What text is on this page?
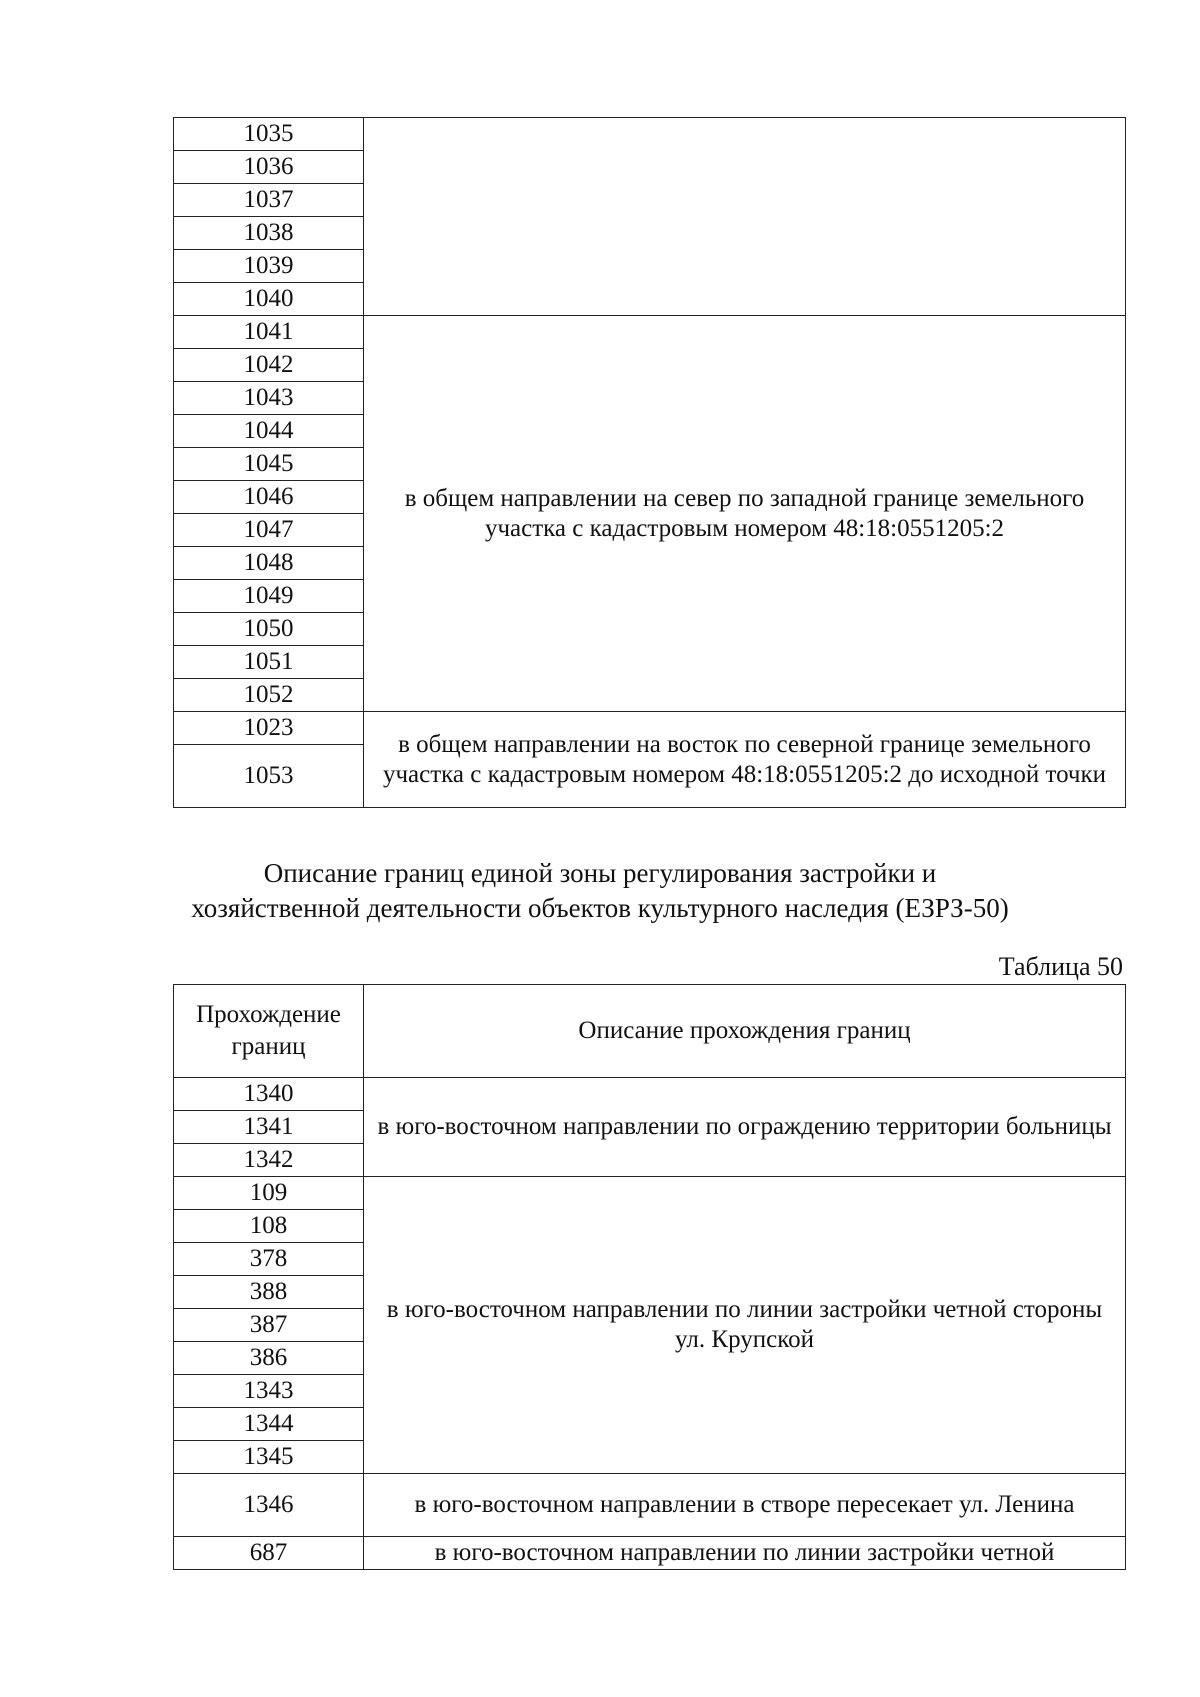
1035	
1036	
1037	
1038	
1039	
1040	
1041	в общем направлении на север по западной границе земельного участка с кадастровым номером 48:18:0551205:2
1042	
1043	
1044	
1045	
1046	
1047	
1048	
1049	
1050	
1051	
1052	
1023	в общем направлении на восток по северной границе земельного участка с кадастровым номером 48:18:0551205:2 до исходной точки
1053	
Описание границ единой зоны регулирования застройки и
хозяйственной деятельности объектов культурного наследия (ЕЗРЗ-50)
Таблица 50
Прохождение границ	Описание прохождения границ
1340	в юго-восточном направлении по ограждению территории больницы
1341	
1342	
109	в юго-восточном направлении по линии застройки четной стороны ул. Крупской
108	
378	
388	
387	
386	
1343	
1344	
1345	
1346	в юго-восточном направлении в створе пересекает ул. Ленина
687	в юго-восточном направлении по линии застройки четной
